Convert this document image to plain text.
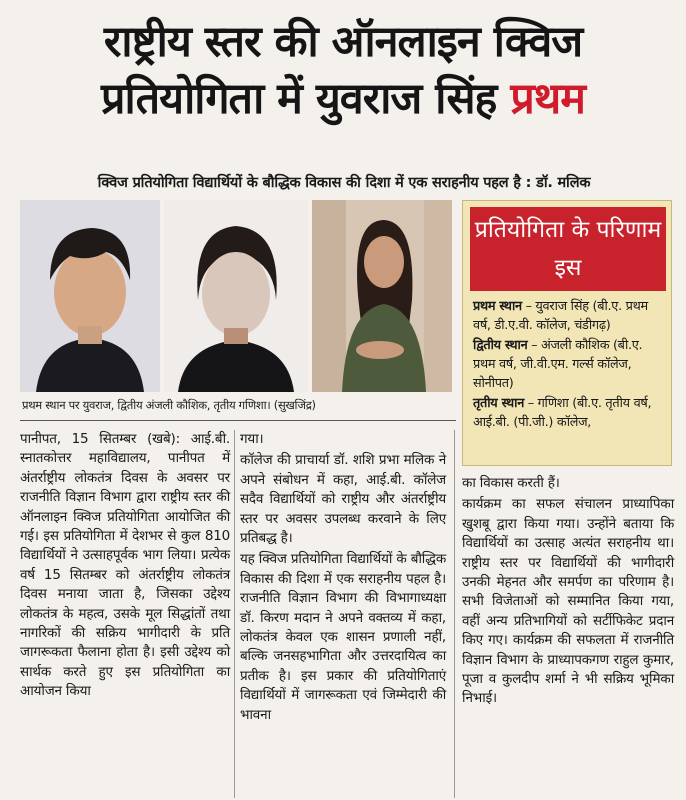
राष्ट्रीय स्तर की ऑनलाइन क्विज
प्रतियोगिता में युवराज सिंह प्रथम
क्विज प्रतियोगिता विद्यार्थियों के बौद्धिक विकास की दिशा में एक सराहनीय पहल है : डॉ. मलिक
प्रथम स्थान पर युवराज, द्वितीय अंजली कौशिक, तृतीय गणिशा। (सुखजिंद्र)
प्रतियोगिता के परिणाम इस

प्रथम स्थान – युवराज सिंह (बी.ए. प्रथम वर्ष, डी.ए.वी. कॉलेज, चंडीगढ़)

द्वितीय स्थान – अंजली कौशिक (बी.ए. प्रथम वर्ष, जी.वी.एम. गर्ल्स कॉलेज, सोनीपत)

तृतीय स्थान – गणिशा (बी.ए. तृतीय वर्ष, आई.बी. (पी.जी.) कॉलेज,

पानीपत, 15 सितम्बर (खबे): आई.बी. स्नातकोत्तर महाविद्यालय, पानीपत में अंतर्राष्ट्रीय लोकतंत्र दिवस के अवसर पर राजनीति विज्ञान विभाग द्वारा राष्ट्रीय स्तर की ऑनलाइन क्विज प्रतियोगिता आयोजित की गई। इस प्रतियोगिता में देशभर से कुल 810 विद्यार्थियों ने उत्साहपूर्वक भाग लिया। प्रत्येक वर्ष 15 सितम्बर को अंतर्राष्ट्रीय लोकतंत्र दिवस मनाया जाता है, जिसका उद्देश्य लोकतंत्र के महत्व, उसके मूल सिद्धांतों तथा नागरिकों की सक्रिय भागीदारी के प्रति जागरूकता फैलाना होता है। इसी उद्देश्य को सार्थक करते हुए इस प्रतियोगिता का आयोजन किया

गया।

कॉलेज की प्राचार्या डॉ. शशि प्रभा मलिक ने अपने संबोधन में कहा, आई.बी. कॉलेज सदैव विद्यार्थियों को राष्ट्रीय और अंतर्राष्ट्रीय स्तर पर अवसर उपलब्ध करवाने के लिए प्रतिबद्ध है।

यह क्विज प्रतियोगिता विद्यार्थियों के बौद्धिक विकास की दिशा में एक सराहनीय पहल है। राजनीति विज्ञान विभाग की विभागाध्यक्षा डॉ. किरण मदान ने अपने वक्तव्य में कहा, लोकतंत्र केवल एक शासन प्रणाली नहीं, बल्कि जनसहभागिता और उत्तरदायित्व का प्रतीक है। इस प्रकार की प्रतियोगिताएं विद्यार्थियों में जागरूकता एवं जिम्मेदारी की भावना

का विकास करती हैं।

कार्यक्रम का सफल संचालन प्राध्यापिका खुशबू द्वारा किया गया। उन्होंने बताया कि विद्यार्थियों का उत्साह अत्यंत सराहनीय था। राष्ट्रीय स्तर पर विद्यार्थियों की भागीदारी उनकी मेहनत और समर्पण का परिणाम है। सभी विजेताओं को सम्मानित किया गया, वहीं अन्य प्रतिभागियों को सर्टीफिकेट प्रदान किए गए। कार्यक्रम की सफलता में राजनीति विज्ञान विभाग के प्राध्यापकगण राहुल कुमार, पूजा व कुलदीप शर्मा ने भी सक्रिय भूमिका निभाई।
